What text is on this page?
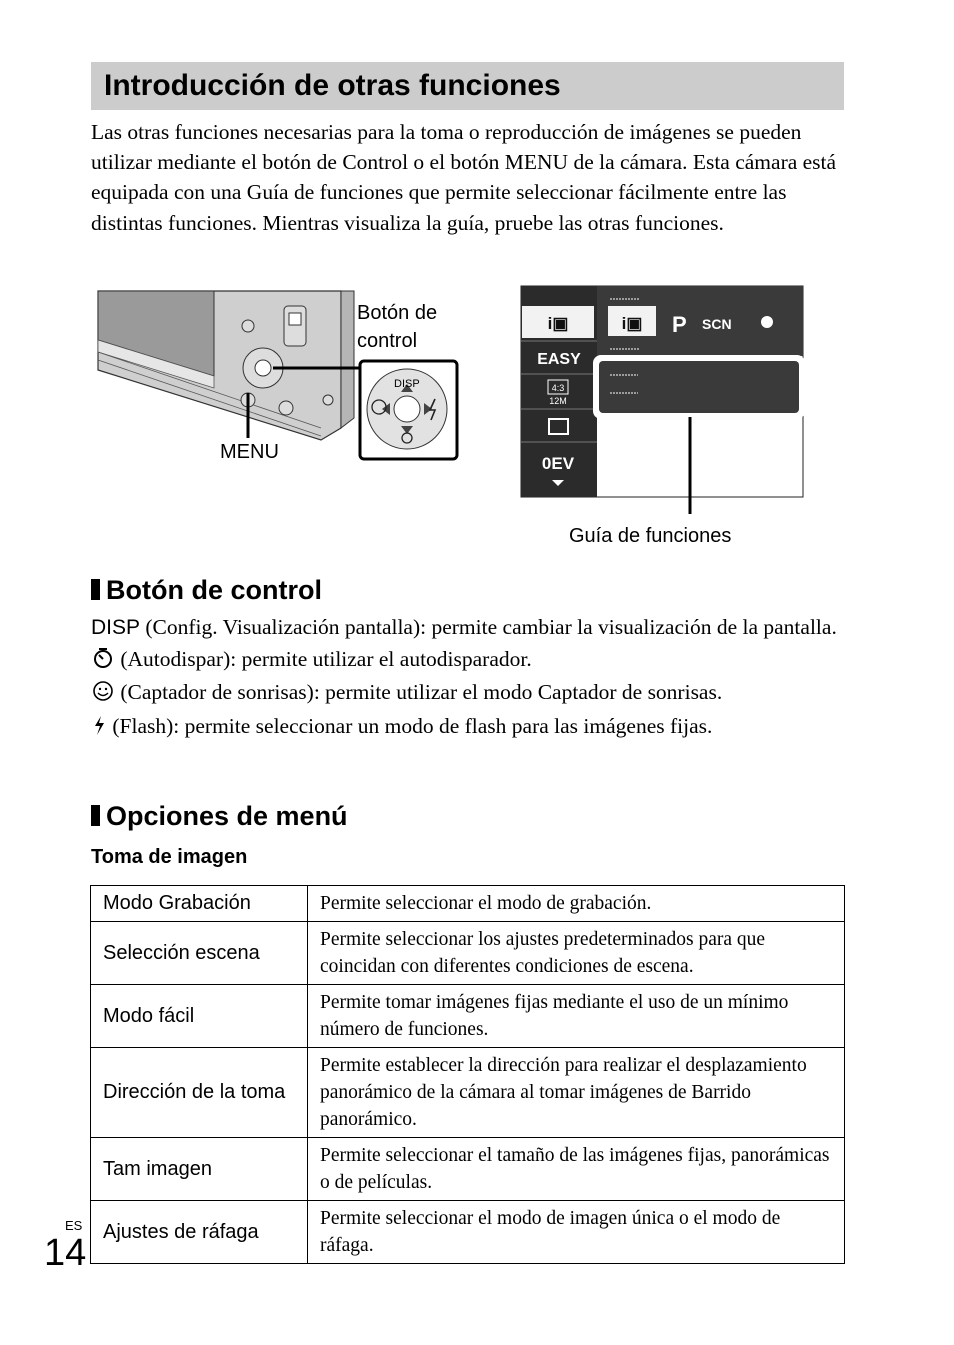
Introducción de otras funciones

Las otras funciones necesarias para la toma o reproducción de imágenes se pueden utilizar mediante el botón de Control o el botón MENU de la cámara. Esta cámara está equipada con una Guía de funciones que permite seleccionar fácilmente entre las distintas funciones. Mientras visualiza la guía, pruebe las otras funciones.

DISP
Botón de
control
MENU
i▣
EASY
4:3
12M
0EV
i▣ P SCN
Guía de funciones
Botón de control
DISP (Config. Visualización pantalla): permite cambiar la visualización de la pantalla.
(Autodispar): permite utilizar el autodisparador.
(Captador de sonrisas): permite utilizar el modo Captador de sonrisas.
(Flash): permite seleccionar un modo de flash para las imágenes fijas.
Opciones de menú
Toma de imagen
Modo Grabación	Permite seleccionar el modo de grabación.
Selección escena	Permite seleccionar los ajustes predeterminados para que coincidan con diferentes condiciones de escena.
Modo fácil	Permite tomar imágenes fijas mediante el uso de un mínimo número de funciones.
Dirección de la toma	Permite establecer la dirección para realizar el desplazamiento panorámico de la cámara al tomar imágenes de Barrido panorámico.
Tam imagen	Permite seleccionar el tamaño de las imágenes fijas, panorámicas o de películas.
Ajustes de ráfaga	Permite seleccionar el modo de imagen única o el modo de ráfaga.
ES
14
